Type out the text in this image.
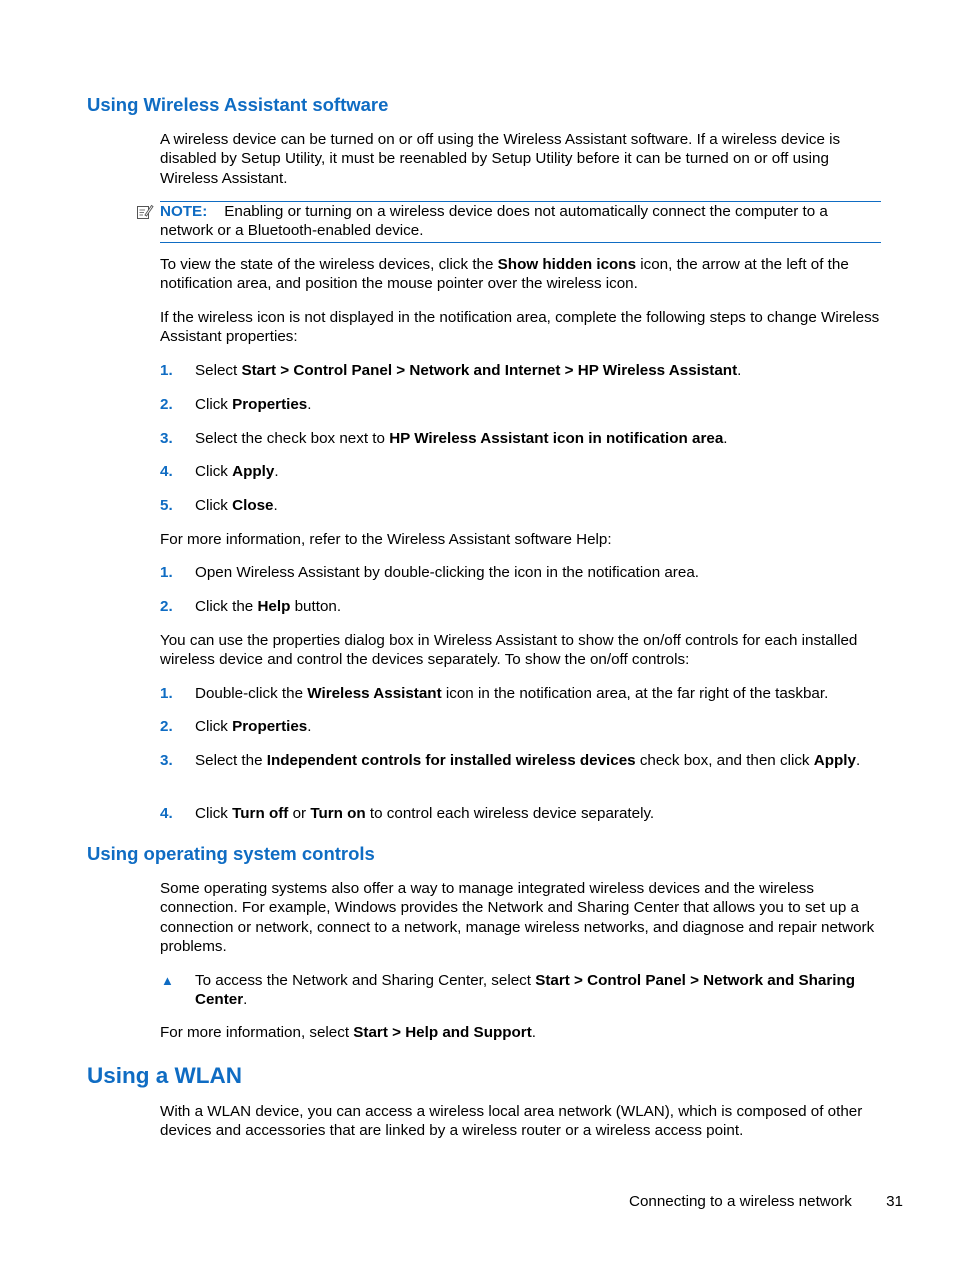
Using Wireless Assistant software
A wireless device can be turned on or off using the Wireless Assistant software. If a wireless device is disabled by Setup Utility, it must be reenabled by Setup Utility before it can be turned on or off using Wireless Assistant.
NOTE: Enabling or turning on a wireless device does not automatically connect the computer to a network or a Bluetooth-enabled device.
To view the state of the wireless devices, click the Show hidden icons icon, the arrow at the left of the notification area, and position the mouse pointer over the wireless icon.
If the wireless icon is not displayed in the notification area, complete the following steps to change Wireless Assistant properties:
1. Select Start > Control Panel > Network and Internet > HP Wireless Assistant.
2. Click Properties.
3. Select the check box next to HP Wireless Assistant icon in notification area.
4. Click Apply.
5. Click Close.
For more information, refer to the Wireless Assistant software Help:
1. Open Wireless Assistant by double-clicking the icon in the notification area.
2. Click the Help button.
You can use the properties dialog box in Wireless Assistant to show the on/off controls for each installed wireless device and control the devices separately. To show the on/off controls:
1. Double-click the Wireless Assistant icon in the notification area, at the far right of the taskbar.
2. Click Properties.
3. Select the Independent controls for installed wireless devices check box, and then click Apply.
4. Click Turn off or Turn on to control each wireless device separately.
Using operating system controls
Some operating systems also offer a way to manage integrated wireless devices and the wireless connection. For example, Windows provides the Network and Sharing Center that allows you to set up a connection or network, connect to a network, manage wireless networks, and diagnose and repair network problems.
▲ To access the Network and Sharing Center, select Start > Control Panel > Network and Sharing Center.
For more information, select Start > Help and Support.
Using a WLAN
With a WLAN device, you can access a wireless local area network (WLAN), which is composed of other devices and accessories that are linked by a wireless router or a wireless access point.
Connecting to a wireless network 31
